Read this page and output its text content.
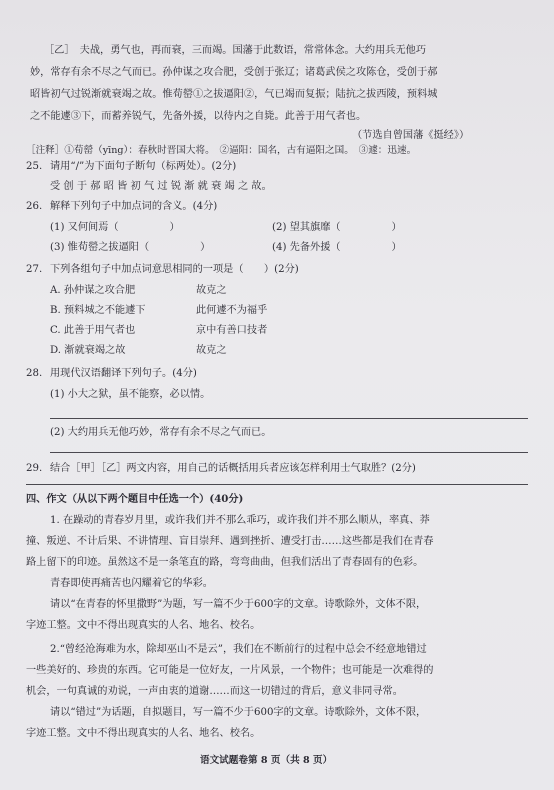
［乙］　夫战，勇气也，再而衰，三而竭。国藩于此数语，常常体念。大约用兵无他巧
妙，常存有余不尽之气而已。孙仲谋之攻合肥，受创于张辽；诸葛武侯之攻陈仓，受创于郝
昭皆初气过锐渐就衰竭之故。惟荀罃①之拔逼阳②，气已竭而复振；陆抗之拔西陵，预料城
之不能遽③下，而蓄养锐气，先备外援，以待内之自毙。此善于用气者也。
（节选自曾国藩《挺经》）
［注释］①荀罃（yīng）：春秋时晋国大将。　②逼阳：国名，古有逼阳之国。　③遽：迅速。
25. 请用“/”为下面句子断句（标两处）。(2分)
受 创 于 郝 昭 皆 初 气 过 锐 渐 就 衰 竭 之 故。
26. 解释下列句子中加点词的含义。(4分)
(1) 又何间焉（　　　　　）	(2) 望其旗靡（　　　　　）
(3) 惟荀罃之拔逼阳（　　　　　）	(4) 先备外援（　　　　　）
27. 下列各组句子中加点词意思相同的一项是（　　）(2分)
A. 孙仲谋之攻合肥	故克之
B. 预料城之不能遽下	此何遽不为福乎
C. 此善于用气者也	京中有善口技者
D. 渐就衰竭之故	故克之
28. 用现代汉语翻译下列句子。(4分)
(1) 小大之狱，虽不能察，必以情。
(2) 大约用兵无他巧妙，常存有余不尽之气而已。
29. 结合［甲］［乙］两文内容，用自己的话概括用兵者应该怎样利用士气取胜？(2分)
四、作文（从以下两个题目中任选一个）(40分)
1. 在躁动的青春岁月里，或许我们并不那么乖巧，或许我们并不那么顺从，率真、莽
撞、叛逆、不计后果、不讲情理、盲目崇拜、遇到挫折、遭受打击……这些都是我们在青春
路上留下的印迹。虽然这不是一条笔直的路，弯弯曲曲，但我们活出了青春固有的色彩。
青春即使再痛苦也闪耀着它的华彩。
请以“在青春的怀里撒野”为题，写一篇不少于600字的文章。诗歌除外，文体不限，
字迹工整。文中不得出现真实的人名、地名、校名。
2.“曾经沧海难为水，除却巫山不是云”，我们在不断前行的过程中总会不经意地错过
一些美好的、珍贵的东西。它可能是一位好友，一片风景，一个物件；也可能是一次难得的
机会，一句真诚的劝说，一声由衷的道谢……而这一切错过的背后，意义非同寻常。
请以“错过”为话题，自拟题目，写一篇不少于600字的文章。诗歌除外，文体不限，
字迹工整。文中不得出现真实的人名、地名、校名。
语文试题卷第 8 页（共 8 页）
